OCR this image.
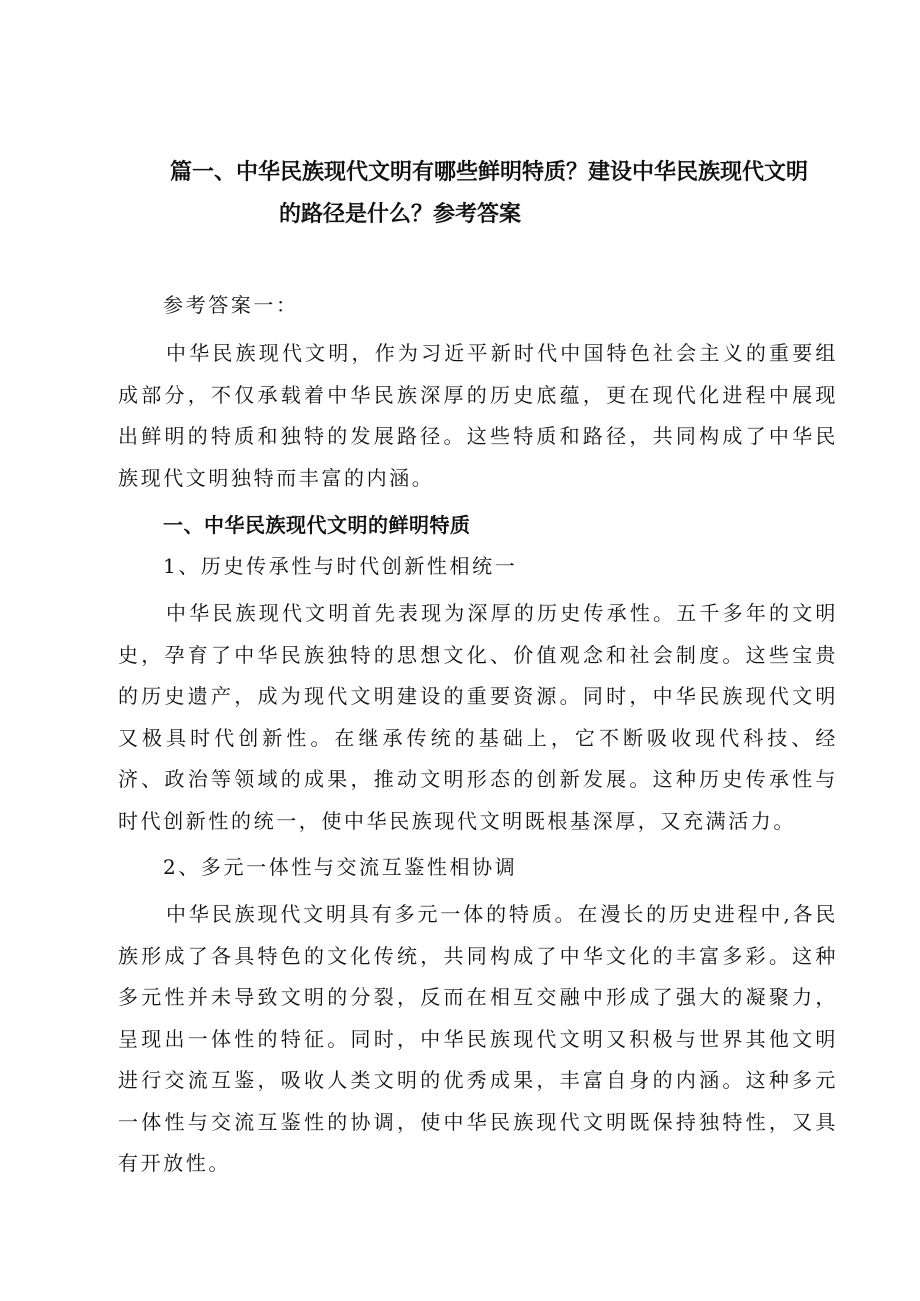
篇一、中华民族现代文明有哪些鲜明特质？建设中华民族现代文明
的路径是什么？参考答案
参考答案一：

中华民族现代文明，作为习近平新时代中国特色社会主义的重要组成部分，不仅承载着中华民族深厚的历史底蕴，更在现代化进程中展现出鲜明的特质和独特的发展路径。这些特质和路径，共同构成了中华民族现代文明独特而丰富的内涵。

一、中华民族现代文明的鲜明特质
1、历史传承性与时代创新性相统一

中华民族现代文明首先表现为深厚的历史传承性。五千多年的文明史，孕育了中华民族独特的思想文化、价值观念和社会制度。这些宝贵的历史遗产，成为现代文明建设的重要资源。同时，中华民族现代文明又极具时代创新性。在继承传统的基础上，它不断吸收现代科技、经济、政治等领域的成果，推动文明形态的创新发展。这种历史传承性与时代创新性的统一，使中华民族现代文明既根基深厚，又充满活力。

2、多元一体性与交流互鉴性相协调

中华民族现代文明具有多元一体的特质。在漫长的历史进程中,各民族形成了各具特色的文化传统，共同构成了中华文化的丰富多彩。这种多元性并未导致文明的分裂，反而在相互交融中形成了强大的凝聚力，呈现出一体性的特征。同时，中华民族现代文明又积极与世界其他文明进行交流互鉴，吸收人类文明的优秀成果，丰富自身的内涵。这种多元一体性与交流互鉴性的协调，使中华民族现代文明既保持独特性，又具有开放性。
